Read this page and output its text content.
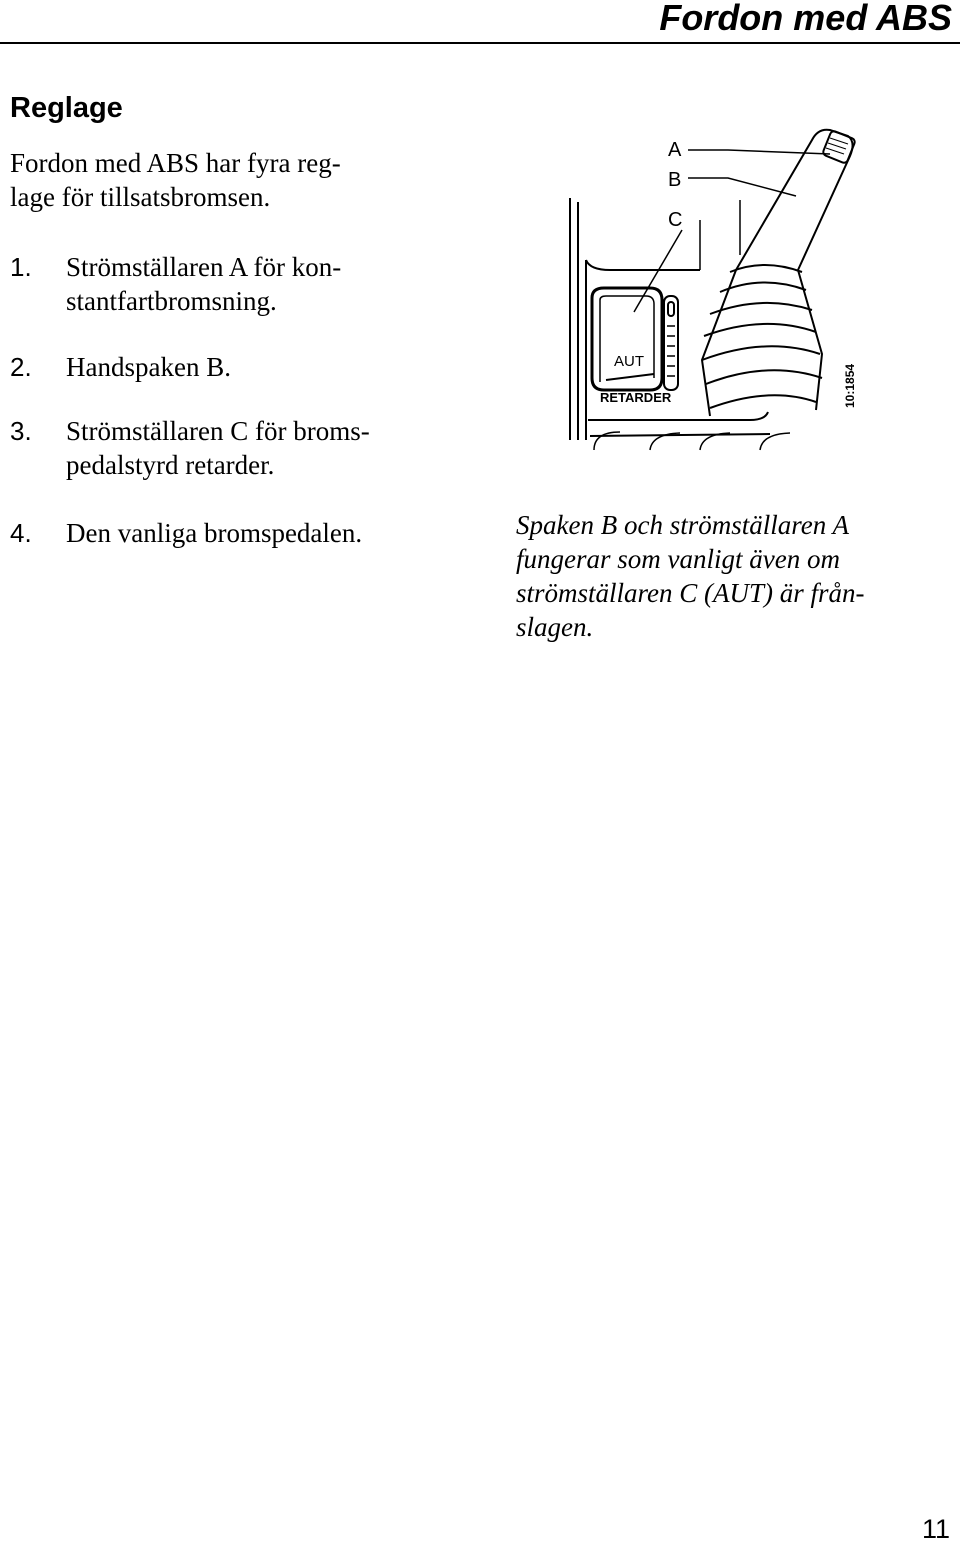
Fordon med ABS
Reglage

Fordon med ABS har fyra reg-
lage för tillsatsbromsen.

1. Strömställaren A för kon-
stantfartbromsning.
2. Handspaken B.
3. Strömställaren C för broms-
pedalstyrd retarder.
4. Den vanliga bromspedalen.
AUT
A
B
C
RETARDER	10:1854

Spaken B och strömställaren A
fungerar som vanligt även om
strömställaren C (AUT) är från-
slagen.

11
